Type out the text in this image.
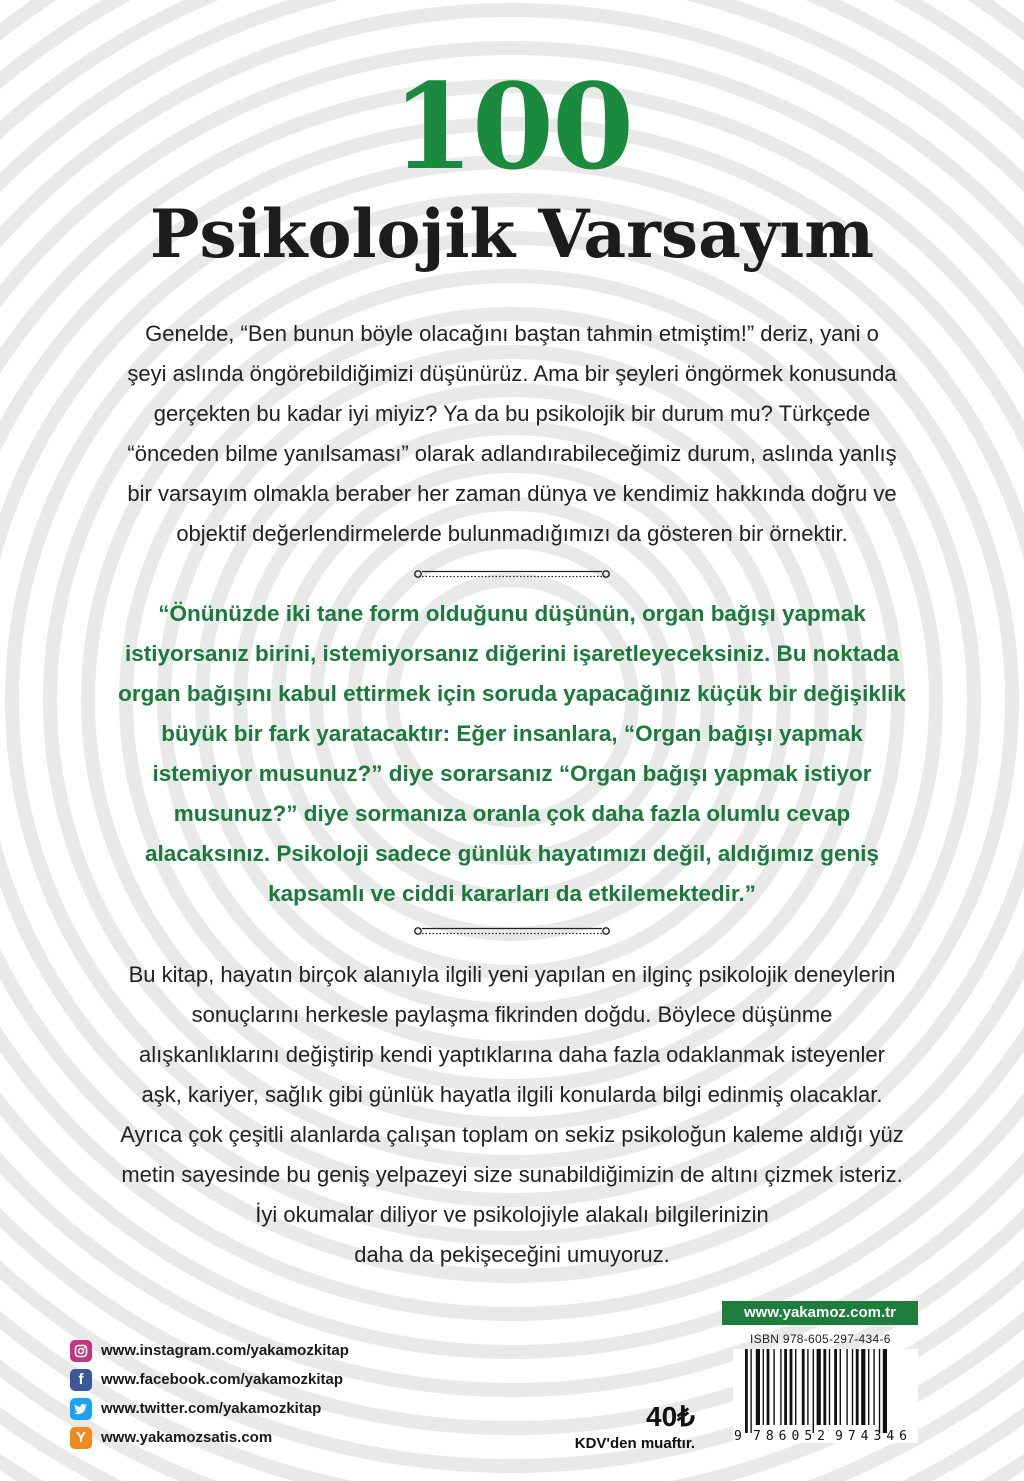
100
Psikolojik Varsayım
Genelde, “Ben bunun böyle olacağını baştan tahmin etmiştim!” deriz, yani o
şeyi aslında öngörebildiğimizi düşünürüz. Ama bir şeyleri öngörmek konusunda
gerçekten bu kadar iyi miyiz? Ya da bu psikolojik bir durum mu? Türkçede
“önceden bilme yanılsaması” olarak adlandırabileceğimiz durum, aslında yanlış
bir varsayım olmakla beraber her zaman dünya ve kendimiz hakkında doğru ve
objektif değerlendirmelerde bulunmadığımızı da gösteren bir örnektir.
“Önünüzde iki tane form olduğunu düşünün, organ bağışı yapmak
istiyorsanız birini, istemiyorsanız diğerini işaretleyeceksiniz. Bu noktada
organ bağışını kabul ettirmek için soruda yapacağınız küçük bir değişiklik
büyük bir fark yaratacaktır: Eğer insanlara, “Organ bağışı yapmak
istemiyor musunuz?” diye sorarsanız “Organ bağışı yapmak istiyor
musunuz?” diye sormanıza oranla çok daha fazla olumlu cevap
alacaksınız. Psikoloji sadece günlük hayatımızı değil, aldığımız geniş
kapsamlı ve ciddi kararları da etkilemektedir.”
Bu kitap, hayatın birçok alanıyla ilgili yeni yapılan en ilginç psikolojik deneylerin
sonuçlarını herkesle paylaşma fikrinden doğdu. Böylece düşünme
alışkanlıklarını değiştirip kendi yaptıklarına daha fazla odaklanmak isteyenler
aşk, kariyer, sağlık gibi günlük hayatla ilgili konularda bilgi edinmiş olacaklar.
Ayrıca çok çeşitli alanlarda çalışan toplam on sekiz psikoloğun kaleme aldığı yüz
metin sayesinde bu geniş yelpazeyi size sunabildiğimizin de altını çizmek isteriz.
İyi okumalar diliyor ve psikolojiyle alakalı bilgilerinizin
daha da pekişeceğini umuyoruz.
www.instagram.com/yakamozkitap
f	www.facebook.com/yakamozkitap
www.twitter.com/yakamozkitap
Y	www.yakamozsatis.com
40₺
KDV'den muaftır.
www.yakamoz.com.tr
ISBN 978-605-297-434-6
9 786052 974346
